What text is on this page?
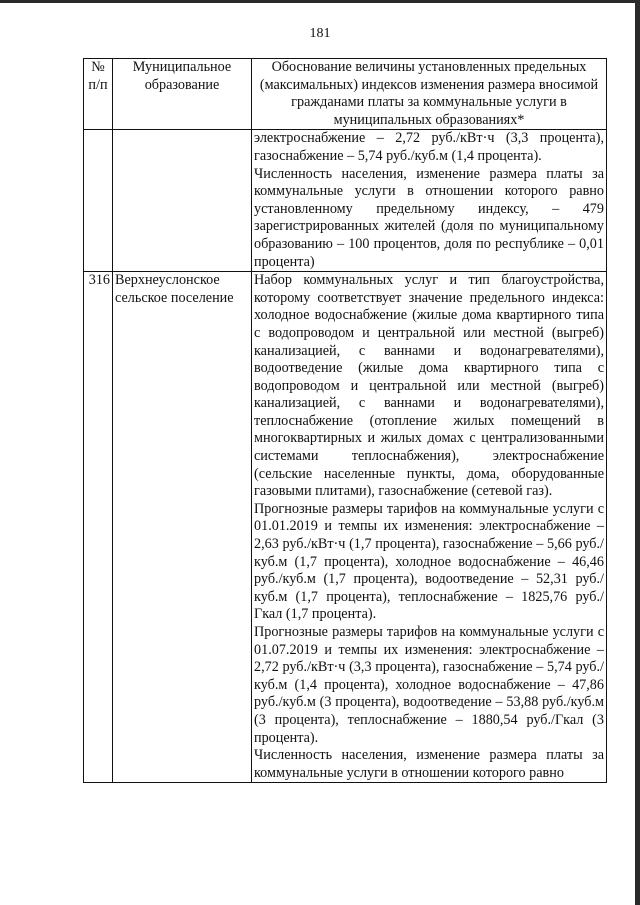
181
№ п/п	Муниципальное образование	Обоснование величины установленных предельных (максимальных) индексов изменения размера вносимой гражданами платы за коммунальные услуги в муниципальных образованиях*

		электроснабжение – 2,72 руб./кВт·ч (3,3 процента), газоснабжение – 5,74 руб./куб.м (1,4 процента).

Численность населения, изменение размера платы за коммунальные услуги в отношении которого равно установленному предельному индексу, – 479 зарегистрированных жителей (доля по муниципальному образованию – 100 процентов, доля по республике – 0,01 процента)

316	Верхнеуслонское сельское поселение	Набор коммунальных услуг и тип благоустройства, которому соответствует значение предельного индекса: холодное водоснабжение (жилые дома квартирного типа с водопроводом и центральной или местной (выгреб) канализацией, с ваннами и водонагревателями), водоотведение (жилые дома квартирного типа с водопроводом и центральной или местной (выгреб) канализацией, с ваннами и водонагревателями), теплоснабжение (отопление жилых помещений в многоквартирных и жилых домах с централизованными системами теплоснабжения), электроснабжение (сельские населенные пункты, дома, оборудованные газовыми плитами), газоснабжение (сетевой газ).

Прогнозные размеры тарифов на коммунальные услуги с 01.01.2019 и темпы их изменения: электроснабжение – 2,63 руб./кВт·ч (1,7 процента), газоснабжение – 5,66 руб./куб.м (1,7 процента), холодное водоснабжение – 46,46 руб./куб.м (1,7 процента), водоотведение – 52,31 руб./куб.м (1,7 процента), теплоснабжение – 1825,76 руб./Гкал (1,7 процента).

Прогнозные размеры тарифов на коммунальные услуги с 01.07.2019 и темпы их изменения: электроснабжение – 2,72 руб./кВт·ч (3,3 процента), газоснабжение – 5,74 руб./куб.м (1,4 процента), холодное водоснабжение – 47,86 руб./куб.м (3 процента), водоотведение – 53,88 руб./куб.м (3 процента), теплоснабжение – 1880,54 руб./Гкал (3 процента).

Численность населения, изменение размера платы за коммунальные услуги в отношении которого равно
